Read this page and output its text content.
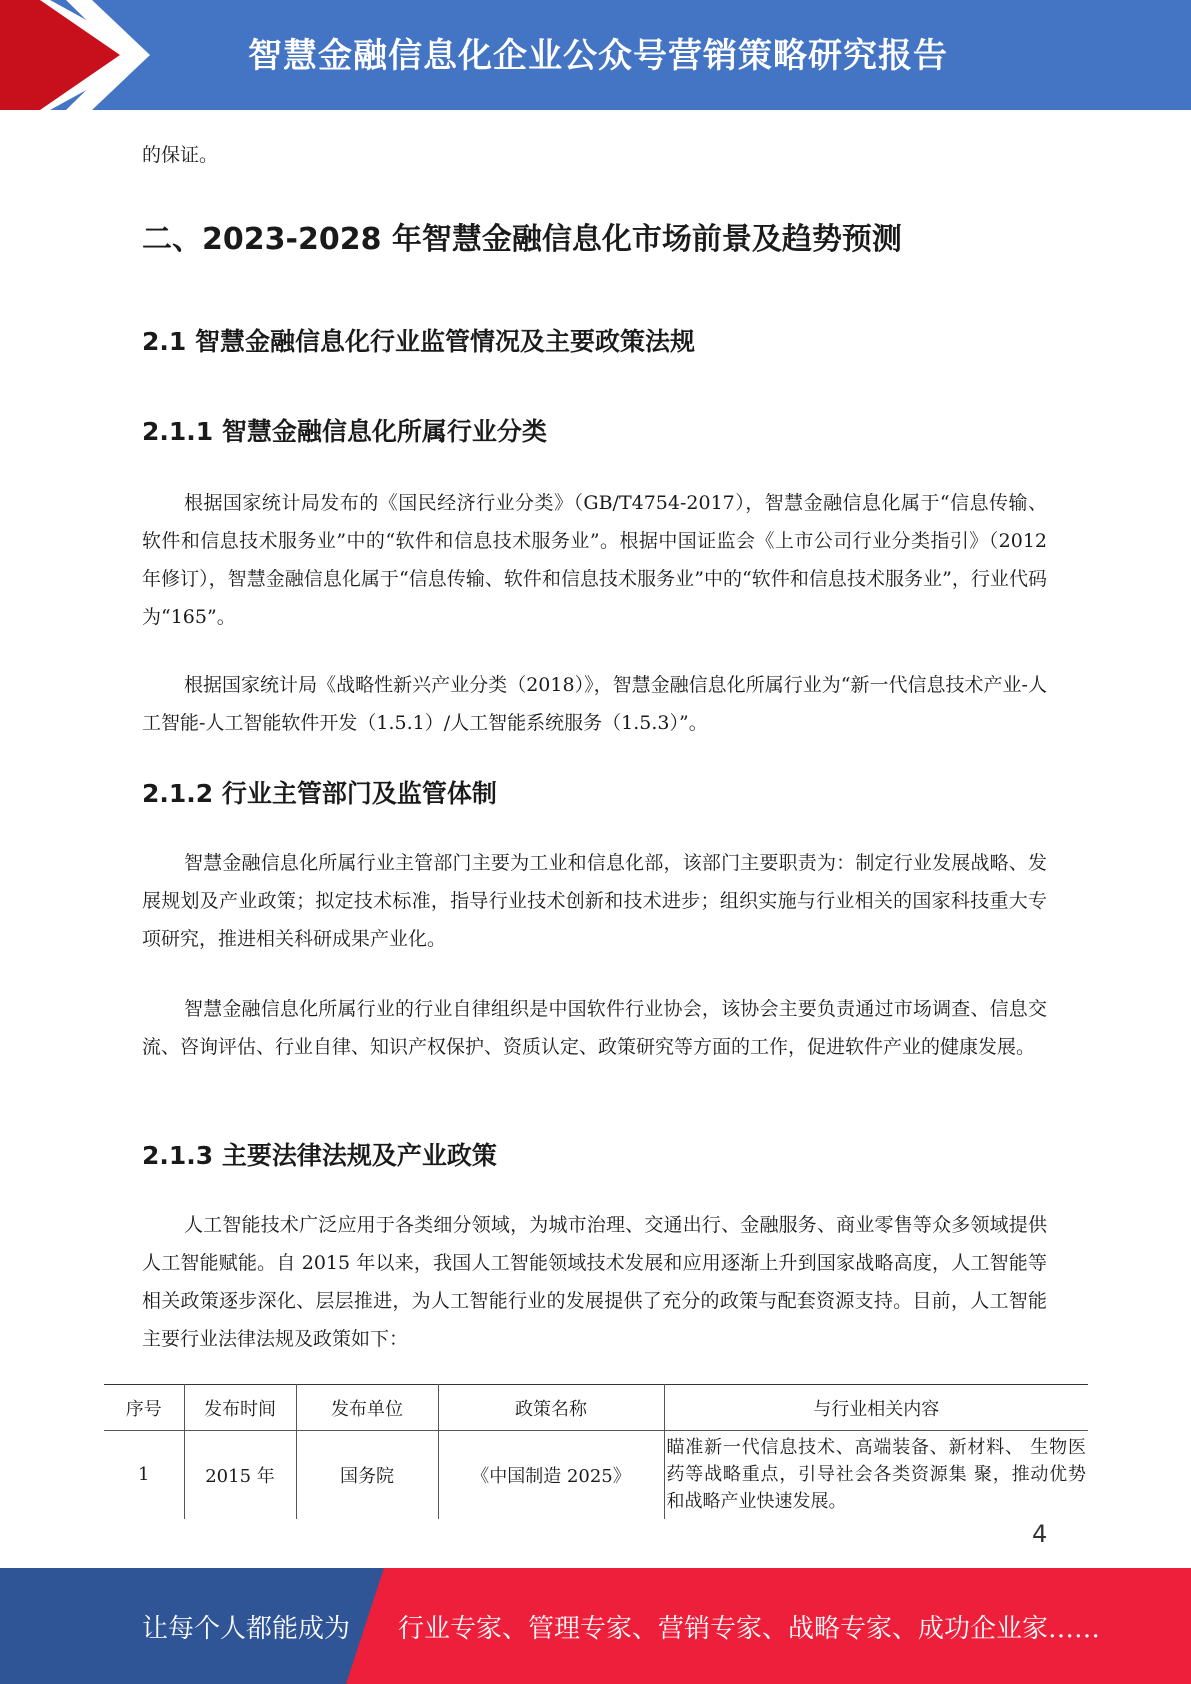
智慧金融信息化企业公众号营销策略研究报告
的保证。
二、2023-2028 年智慧金融信息化市场前景及趋势预测
2.1 智慧金融信息化行业监管情况及主要政策法规
2.1.1 智慧金融信息化所属行业分类
根据国家统计局发布的《国民经济行业分类》（GB/T4754-2017），智慧金融信息化属于“信息传输、软件和信息技术服务业”中的“软件和信息技术服务业”。根据中国证监会《上市公司行业分类指引》（2012 年修订），智慧金融信息化属于“信息传输、软件和信息技术服务业”中的“软件和信息技术服务业”，行业代码为“165”。
根据国家统计局《战略性新兴产业分类（2018）》，智慧金融信息化所属行业为“新一代信息技术产业-人工智能-人工智能软件开发（1.5.1）/人工智能系统服务（1.5.3）”。
2.1.2 行业主管部门及监管体制
智慧金融信息化所属行业主管部门主要为工业和信息化部，该部门主要职责为：制定行业发展战略、发展规划及产业政策；拟定技术标准，指导行业技术创新和技术进步；组织实施与行业相关的国家科技重大专项研究，推进相关科研成果产业化。
智慧金融信息化所属行业的行业自律组织是中国软件行业协会，该协会主要负责通过市场调查、信息交流、咨询评估、行业自律、知识产权保护、资质认定、政策研究等方面的工作，促进软件产业的健康发展。
2.1.3 主要法律法规及产业政策
人工智能技术广泛应用于各类细分领域，为城市治理、交通出行、金融服务、商业零售等众多领域提供人工智能赋能。自 2015 年以来，我国人工智能领域技术发展和应用逐渐上升到国家战略高度，人工智能等相关政策逐步深化、层层推进，为人工智能行业的发展提供了充分的政策与配套资源支持。目前，人工智能主要行业法律法规及政策如下：
序号	发布时间	发布单位	政策名称	与行业相关内容
1	2015 年	国务院	《中国制造 2025》	瞄准新一代信息技术、高端装备、新材料、 生物医药等战略重点，引导社会各类资源集 聚，推动优势和战略产业快速发展。
4
让每个人都能成为 行业专家、管理专家、营销专家、战略专家、成功企业家……
